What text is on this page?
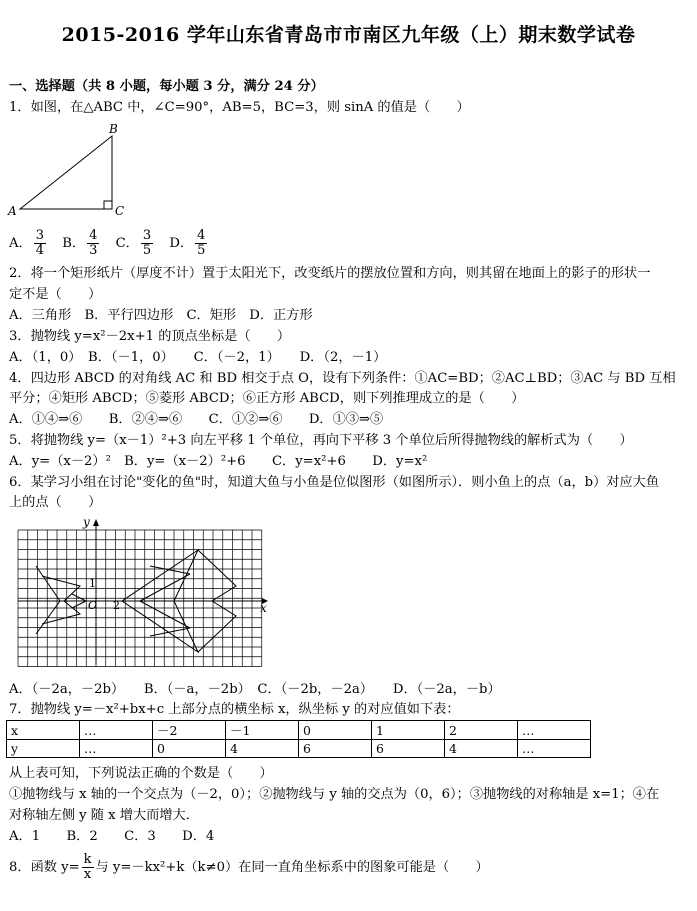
2015-2016 学年山东省青岛市市南区九年级（上）期末数学试卷
一、选择题（共 8 小题，每小题 3 分，满分 24 分）
1．如图，在△ABC 中，∠C=90°，AB=5，BC=3，则 sinA 的值是（　　）
A
B
C
A． $\frac{3}{4}$ B． $\frac{4}{3}$ C． $\frac{3}{5}$ D． $\frac{4}{5}$
2．将一个矩形纸片（厚度不计）置于太阳光下，改变纸片的摆放位置和方向，则其留在地面上的影子的形状一
定不是（　　）
A．三角形　B．平行四边形　C．矩形　D．正方形
3．抛物线 y=x²－2x+1 的顶点坐标是（　　）
A．（1，0）　B．（－1，0）　　C．（－2，1）　　D．（2，－1）
4．四边形 ABCD 的对角线 AC 和 BD 相交于点 O，设有下列条件：①AC=BD；②AC⊥BD；③AC 与 BD 互相
平分；④矩形 ABCD；⑤菱形 ABCD；⑥正方形 ABCD，则下列推理成立的是（　　）
A．①④⇒⑥　　B．②④⇒⑥　　C．①②⇒⑥　　D．①③⇒⑤
5．将抛物线 y=（x－1）²+3 向左平移 1 个单位，再向下平移 3 个单位后所得抛物线的解析式为（　　）
A．y=（x－2）²　B．y=（x－2）²+6　　C．y=x²+6　　D．y=x²
6．某学习小组在讨论"变化的鱼"时，知道大鱼与小鱼是位似图形（如图所示）．则小鱼上的点（a，b）对应大鱼
上的点（　　）
y
x
O
1
2
A．（－2a，－2b）　　B．（－a，－2b）　C．（－2b，－2a）　　D．（－2a，－b）
7．抛物线 y=－x²+bx+c 上部分点的横坐标 x，纵坐标 y 的对应值如下表：
x	…	－2	－1	0	1	2	…
y	…	0	4	6	6	4	…
从上表可知，下列说法正确的个数是（　　）
①抛物线与 x 轴的一个交点为（－2，0）；②抛物线与 y 轴的交点为（0，6）；③抛物线的对称轴是 x=1；④在
对称轴左侧 y 随 x 增大而增大．
A．1　　B．2　　C．3　　D．4
8．函数 $y= \frac{k}{x}$ 与 y=－kx²+k（k≠0）在同一直角坐标系中的图象可能是（　　）
